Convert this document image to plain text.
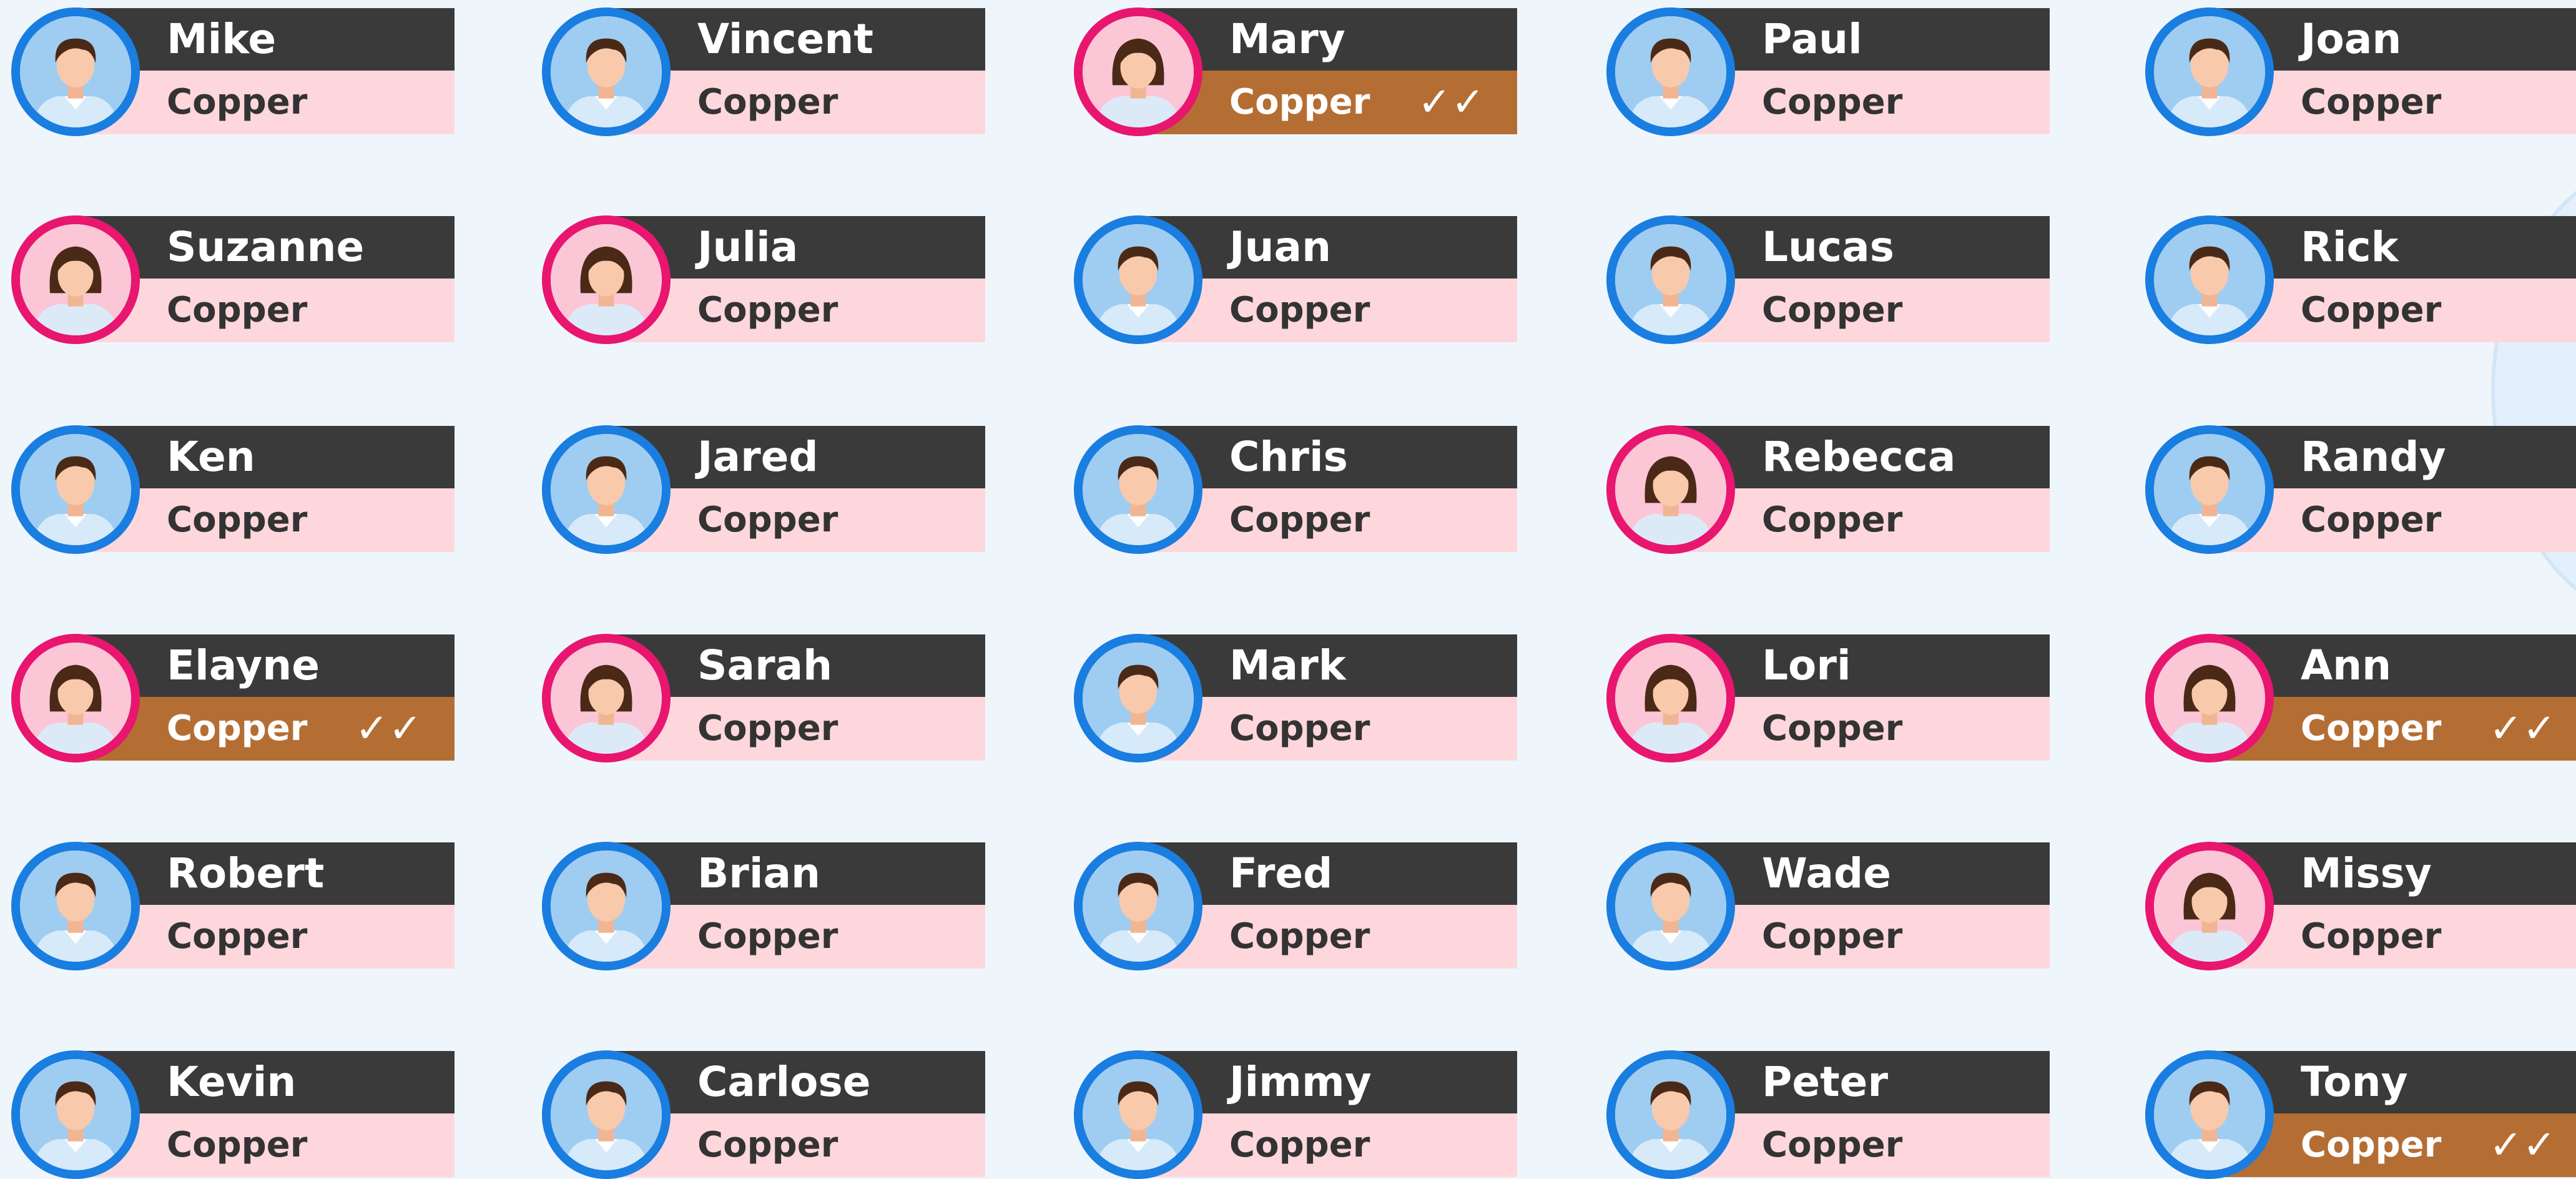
Mike
Copper
Vincent
Copper
Mary
Copper ✓✓
Paul
Copper
Joan
Copper
Suzanne
Copper
Julia
Copper
Juan
Copper
Lucas
Copper
Rick
Copper
Ken
Copper
Jared
Copper
Chris
Copper
Rebecca
Copper
Randy
Copper
Elayne
Copper ✓✓
Sarah
Copper
Mark
Copper
Lori
Copper
Ann
Copper ✓✓
Robert
Copper
Brian
Copper
Fred
Copper
Wade
Copper
Missy
Copper
Kevin
Copper
Carlose
Copper
Jimmy
Copper
Peter
Copper
Tony
Copper ✓✓
